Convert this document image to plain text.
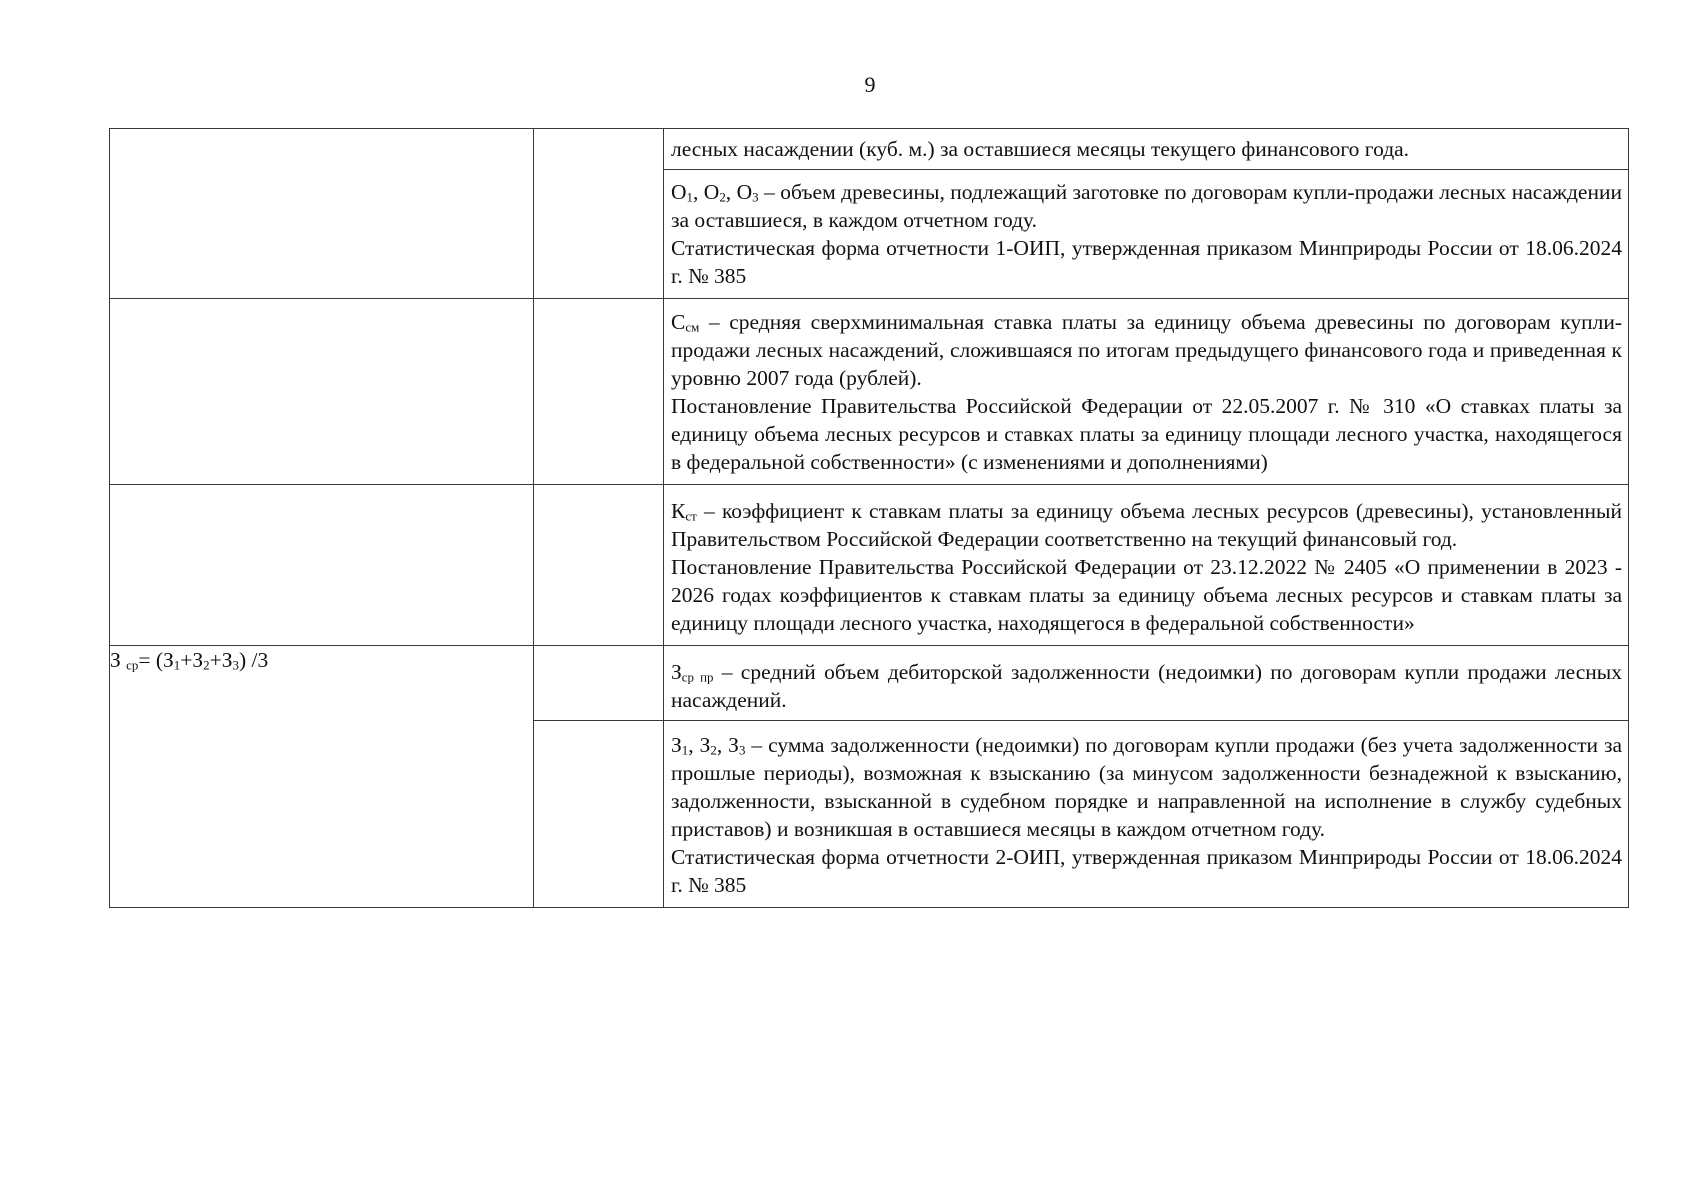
9

		лесных насаждении (куб. м.) за оставшиеся месяцы текущего финансового года.

		$О_1$, $О_2$, $О_3$ – объем древесины, подлежащий заготовке по договорам купли-продажи лесных насаждении за оставшиеся, в каждом отчетном году.

Статистическая форма отчетности 1-ОИП, утвержденная приказом Минприроды России от 18.06.2024 г. № 385

		$С_{см}$ – средняя сверхминимальная ставка платы за единицу объема древесины по договорам купли-продажи лесных насаждений, сложившаяся по итогам предыдущего финансового года и приведенная к уровню 2007 года (рублей).

Постановление Правительства Российской Федерации от 22.05.2007 г. № 310 «О ставках платы за единицу объема лесных ресурсов и ставках платы за единицу площади лесного участка, находящегося в федеральной собственности» (с изменениями и дополнениями)

		$К_{ст}$ – коэффициент к ставкам платы за единицу объема лесных ресурсов (древесины), установленный Правительством Российской Федерации соответственно на текущий финансовый год.

Постановление Правительства Российской Федерации от 23.12.2022 № 2405 «О применении в 2023 - 2026 годах коэффициентов к ставкам платы за единицу объема лесных ресурсов и ставкам платы за единицу площади лесного участка, находящегося в федеральной собственности»

З ср= (З1+З2+З3) /3		$З_{ср пр}$ – средний объем дебиторской задолженности (недоимки) по договорам купли продажи лесных насаждений.

		$З_1$, $З_2$, $З_3$ – сумма задолженности (недоимки) по договорам купли продажи (без учета задолженности за прошлые периоды), возможная к взысканию (за минусом задолженности безнадежной к взысканию, задолженности, взысканной в судебном порядке и направленной на исполнение в службу судебных приставов) и возникшая в оставшиеся месяцы в каждом отчетном году.

Статистическая форма отчетности 2-ОИП, утвержденная приказом Минприроды России от 18.06.2024 г. № 385
